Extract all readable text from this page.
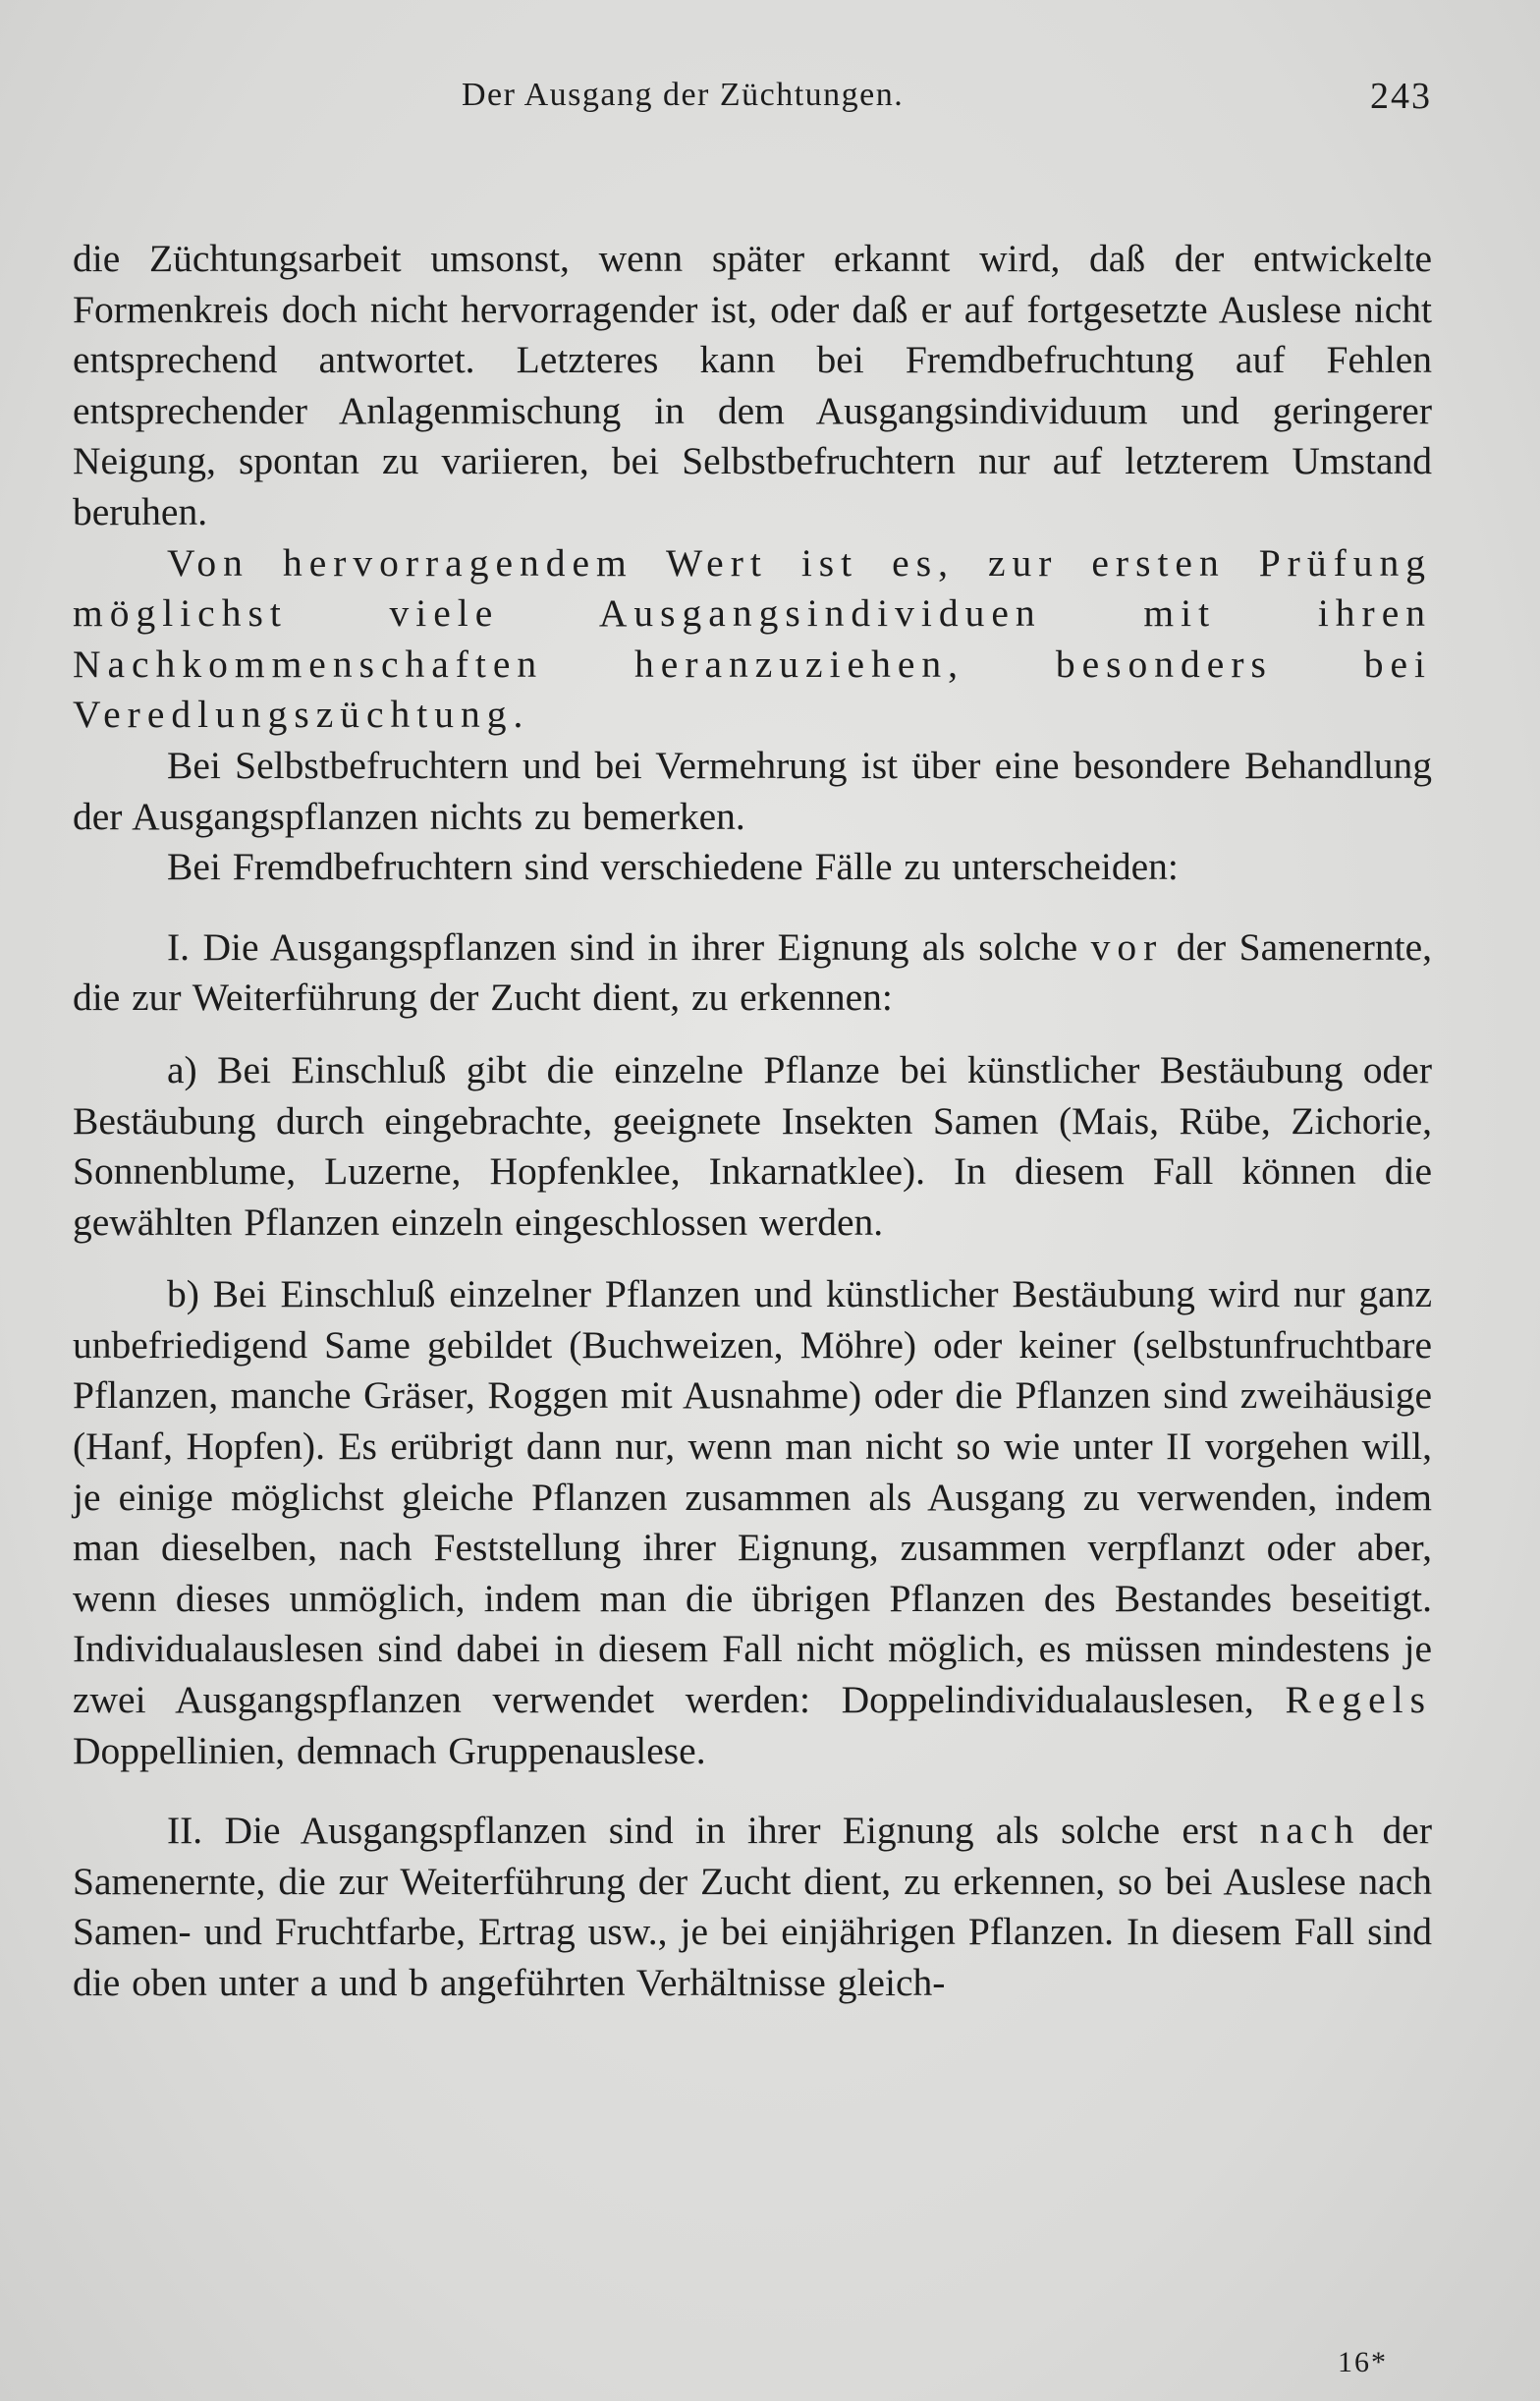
Der Ausgang der Züchtungen.	243

die Züchtungsarbeit umsonst, wenn später erkannt wird, daß der entwickelte Formenkreis doch nicht hervorragender ist, oder daß er auf fortgesetzte Auslese nicht entsprechend antwortet. Letzteres kann bei Fremdbefruchtung auf Fehlen entsprechender Anlagenmischung in dem Ausgangsindividuum und geringerer Neigung, spontan zu variieren, bei Selbstbefruchtern nur auf letzterem Umstand beruhen.

Von hervorragendem Wert ist es, zur ersten Prüfung möglichst viele Ausgangsindividuen mit ihren Nachkommenschaften heranzuziehen, besonders bei Veredlungszüchtung.

Bei Selbstbefruchtern und bei Vermehrung ist über eine besondere Behandlung der Ausgangspflanzen nichts zu bemerken.

Bei Fremdbefruchtern sind verschiedene Fälle zu unterscheiden:

I. Die Ausgangspflanzen sind in ihrer Eignung als solche vor der Samenernte, die zur Weiterführung der Zucht dient, zu erkennen:

a) Bei Einschluß gibt die einzelne Pflanze bei künstlicher Bestäubung oder Bestäubung durch eingebrachte, geeignete Insekten Samen (Mais, Rübe, Zichorie, Sonnenblume, Luzerne, Hopfenklee, Inkarnatklee). In diesem Fall können die gewählten Pflanzen einzeln eingeschlossen werden.

b) Bei Einschluß einzelner Pflanzen und künstlicher Bestäubung wird nur ganz unbefriedigend Same gebildet (Buchweizen, Möhre) oder keiner (selbstunfruchtbare Pflanzen, manche Gräser, Roggen mit Ausnahme) oder die Pflanzen sind zweihäusige (Hanf, Hopfen). Es erübrigt dann nur, wenn man nicht so wie unter II vorgehen will, je einige möglichst gleiche Pflanzen zusammen als Ausgang zu verwenden, indem man dieselben, nach Feststellung ihrer Eignung, zusammen verpflanzt oder aber, wenn dieses unmöglich, indem man die übrigen Pflanzen des Bestandes beseitigt. Individualauslesen sind dabei in diesem Fall nicht möglich, es müssen mindestens je zwei Ausgangspflanzen verwendet werden: Doppelindividualauslesen, Regels Doppellinien, demnach Gruppenauslese.

II. Die Ausgangspflanzen sind in ihrer Eignung als solche erst nach der Samenernte, die zur Weiterführung der Zucht dient, zu erkennen, so bei Auslese nach Samen- und Fruchtfarbe, Ertrag usw., je bei einjährigen Pflanzen. In diesem Fall sind die oben unter a und b angeführten Verhältnisse gleich-

16*
